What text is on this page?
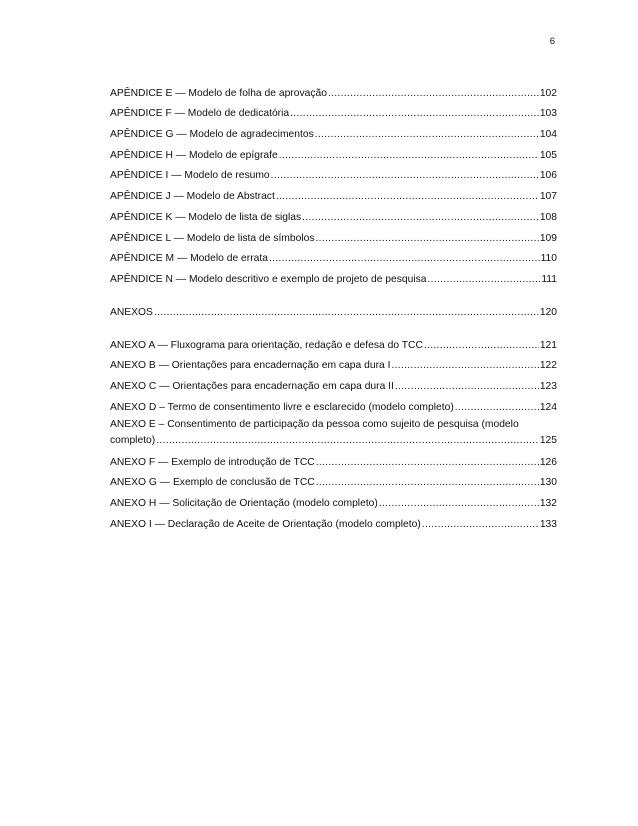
6
APÊNDICE E — Modelo de folha de aprovação .....	102
APÊNDICE F — Modelo de dedicatória .....	103
APÊNDICE G — Modelo de agradecimentos .....	104
APÊNDICE H — Modelo de epígrafe .....	105
APÊNDICE I — Modelo de resumo .....	106
APÊNDICE J — Modelo de Abstract .....	107
APÊNDICE K — Modelo de lista de siglas .....	108
APÊNDICE L — Modelo de lista de símbolos .....	109
APÊNDICE M — Modelo de errata .....	110
APÊNDICE N — Modelo descritivo e exemplo de projeto de pesquisa .....	111
ANEXOS .....	120
ANEXO A — Fluxograma para orientação, redação e defesa do TCC .....	121
ANEXO B — Orientações para encadernação em capa dura I .....	122
ANEXO C — Orientações para encadernação em capa dura II .....	123
ANEXO D – Termo de consentimento livre e esclarecido (modelo completo) .....	124
ANEXO E – Consentimento de participação da pessoa como sujeito de pesquisa (modelo
completo) .....	125
ANEXO F — Exemplo de introdução de TCC .....	126
ANEXO G — Exemplo de conclusão de TCC .....	130
ANEXO H — Solicitação de Orientação (modelo completo) .....	132
ANEXO I — Declaração de Aceite de Orientação (modelo completo) .....	133
